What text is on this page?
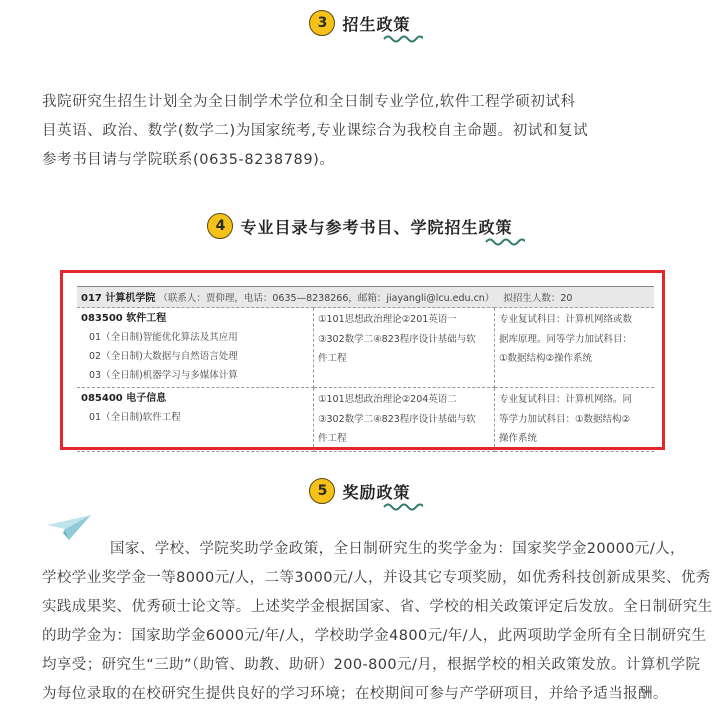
3 招生政策
我院研究生招生计划全为全日制学术学位和全日制专业学位,软件工程学硕初试科
目英语、政治、数学(数学二)为国家统考,专业课综合为我校自主命题。初试和复试
参考书目请与学院联系(0635-8238789)。
4 专业目录与参考书目、学院招生政策
017 计算机学院 （联系人：贾仰理，电话：0635—8238266，邮箱：jiayangli@lcu.edu.cn） 拟招生人数：20		

083500 软件工程
01（全日制)智能优化算法及其应用
02（全日制)大数据与自然语言处理
03（全日制)机器学习与多媒体计算	①101思想政治理论②201英语一
③302数学二④823程序设计基础与软
件工程	专业复试科目：计算机网络或数
据库原理。同等学力加试科目：
①数据结构②操作系统

085400 电子信息
01（全日制)软件工程	①101思想政治理论②204英语二
③302数学二④823程序设计基础与软
件工程	专业复试科目：计算机网络。同
等学力加试科目：①数据结构②
操作系统
5 奖励政策
国家、学校、学院奖助学金政策，全日制研究生的奖学金为：国家奖学金20000元/人，
学校学业奖学金一等8000元/人，二等3000元/人，并设其它专项奖励，如优秀科技创新成果奖、优秀
实践成果奖、优秀硕士论文等。上述奖学金根据国家、省、学校的相关政策评定后发放。全日制研究生
的助学金为：国家助学金6000元/年/人，学校助学金4800元/年/人，此两项助学金所有全日制研究生
均享受；研究生“三助”（助管、助教、助研）200-800元/月，根据学校的相关政策发放。计算机学院
为每位录取的在校研究生提供良好的学习环境；在校期间可参与产学研项目，并给予适当报酬。
